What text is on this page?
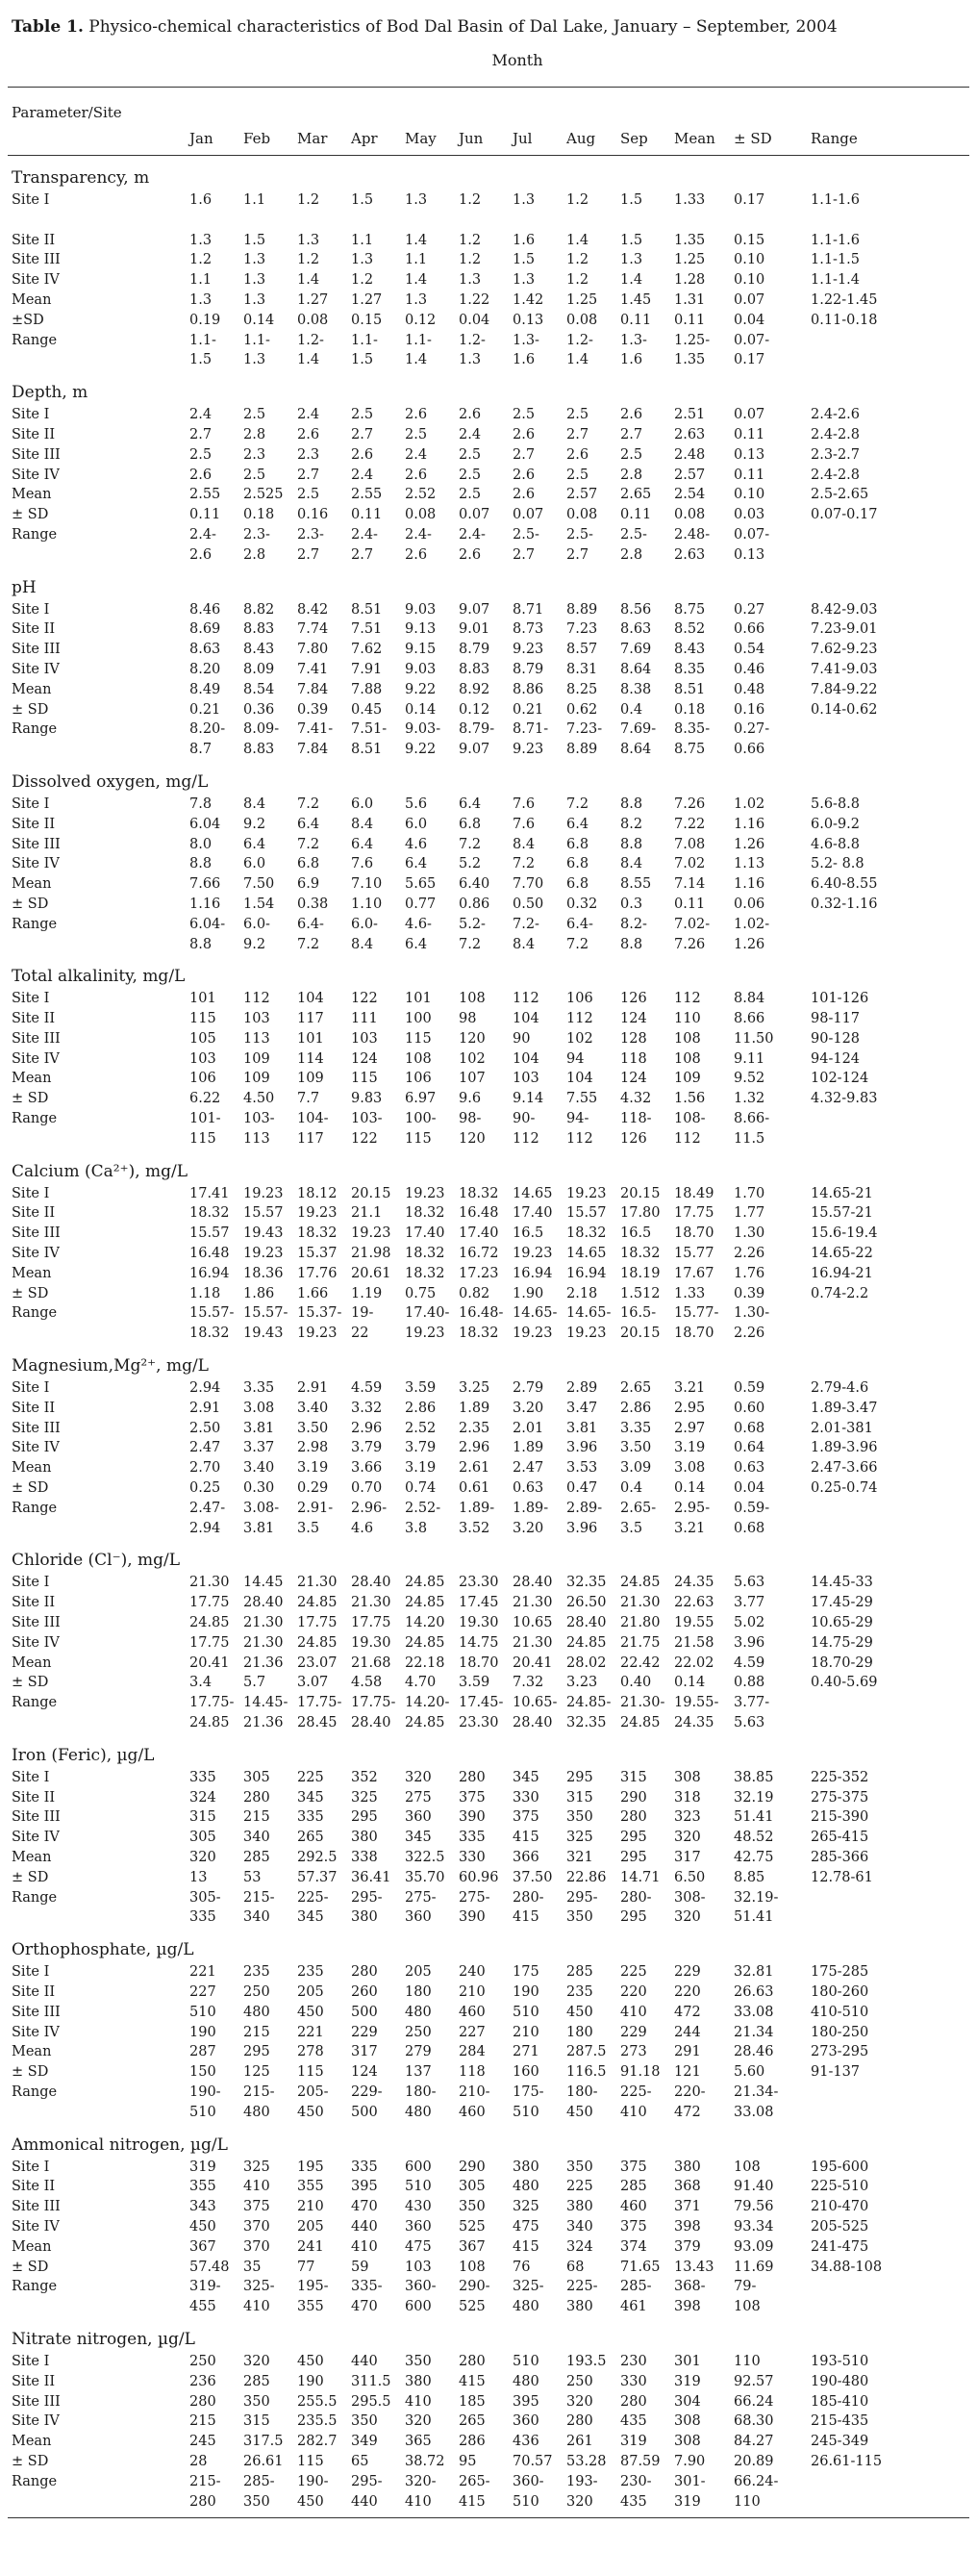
Table 1. Physico-chemical characteristics of Bod Dal Basin of Dal Lake, January – September, 2004
Month
Parameter/Site
Jan	Feb	Mar	Apr	May	Jun	Jul	Aug	Sep	Mean	± SD	Range
Transparency, m
Site I	1.6	1.1	1.2	1.5	1.3	1.2	1.3	1.2	1.5	1.33	0.17	1.1-1.6
Site II	1.3	1.5	1.3	1.1	1.4	1.2	1.6	1.4	1.5	1.35	0.15	1.1-1.6
Site III	1.2	1.3	1.2	1.3	1.1	1.2	1.5	1.2	1.3	1.25	0.10	1.1-1.5
Site IV	1.1	1.3	1.4	1.2	1.4	1.3	1.3	1.2	1.4	1.28	0.10	1.1-1.4
Mean	1.3	1.3	1.27	1.27	1.3	1.22	1.42	1.25	1.45	1.31	0.07	1.22-1.45
±SD	0.19	0.14	0.08	0.15	0.12	0.04	0.13	0.08	0.11	0.11	0.04	0.11-0.18
Range	1.1-	1.1-	1.2-	1.1-	1.1-	1.2-	1.3-	1.2-	1.3-	1.25-	0.07-
1.5	1.3	1.4	1.5	1.4	1.3	1.6	1.4	1.6	1.35	0.17
Depth, m
Site I	2.4	2.5	2.4	2.5	2.6	2.6	2.5	2.5	2.6	2.51	0.07	2.4-2.6
Site II	2.7	2.8	2.6	2.7	2.5	2.4	2.6	2.7	2.7	2.63	0.11	2.4-2.8
Site III	2.5	2.3	2.3	2.6	2.4	2.5	2.7	2.6	2.5	2.48	0.13	2.3-2.7
Site IV	2.6	2.5	2.7	2.4	2.6	2.5	2.6	2.5	2.8	2.57	0.11	2.4-2.8
Mean	2.55	2.525 2.5	2.55	2.52	2.5	2.6	2.57	2.65	2.54	0.10	2.5-2.65
± SD	0.11	0.18	0.16	0.11	0.08	0.07	0.07	0.08	0.11	0.08	0.03	0.07-0.17
Range	2.4-	2.3-	2.3-	2.4-	2.4-	2.4-	2.5-	2.5-	2.5-	2.48-	0.07-
2.6	2.8	2.7	2.7	2.6	2.6	2.7	2.7	2.8	2.63	0.13
pH
Site I	8.46	8.82	8.42	8.51	9.03	9.07	8.71	8.89	8.56	8.75	0.27	8.42-9.03
Site II	8.69	8.83	7.74	7.51	9.13	9.01	8.73	7.23	8.63	8.52	0.66	7.23-9.01
Site III	8.63	8.43	7.80	7.62	9.15	8.79	9.23	8.57	7.69	8.43	0.54	7.62-9.23
Site IV	8.20	8.09	7.41	7.91	9.03	8.83	8.79	8.31	8.64	8.35	0.46	7.41-9.03
Mean	8.49	8.54	7.84	7.88	9.22	8.92	8.86	8.25	8.38	8.51	0.48	7.84-9.22
± SD	0.21	0.36	0.39	0.45	0.14	0.12	0.21	0.62	0.4	0.18	0.16	0.14-0.62
Range	8.20-	8.09-	7.41-	7.51-	9.03-	8.79-	8.71-	7.23-	7.69-	8.35-	0.27-
8.7	8.83	7.84	8.51	9.22	9.07	9.23	8.89	8.64	8.75	0.66
Dissolved oxygen, mg/L
Site I	7.8	8.4	7.2	6.0	5.6	6.4	7.6	7.2	8.8	7.26	1.02	5.6-8.8
Site II	6.04	9.2	6.4	8.4	6.0	6.8	7.6	6.4	8.2	7.22	1.16	6.0-9.2
Site III	8.0	6.4	7.2	6.4	4.6	7.2	8.4	6.8	8.8	7.08	1.26	4.6-8.8
Site IV	8.8	6.0	6.8	7.6	6.4	5.2	7.2	6.8	8.4	7.02	1.13	5.2- 8.8
Mean	7.66	7.50	6.9	7.10	5.65	6.40	7.70	6.8	8.55	7.14	1.16	6.40-8.55
± SD	1.16	1.54	0.38	1.10	0.77	0.86	0.50	0.32	0.3	0.11	0.06	0.32-1.16
Range	6.04-	6.0-	6.4-	6.0-	4.6-	5.2-	7.2-	6.4-	8.2-	7.02-	1.02-
8.8	9.2	7.2	8.4	6.4	7.2	8.4	7.2	8.8	7.26	1.26
Total alkalinity, mg/L
Site I	101	112	104	122	101	108	112	106	126	112	8.84	101-126
Site II	115	103	117	111	100	98	104	112	124	110	8.66	98-117
Site III	105	113	101	103	115	120	90	102	128	108	11.50	90-128
Site IV	103	109	114	124	108	102	104	94	118	108	9.11	94-124
Mean	106	109	109	115	106	107	103	104	124	109	9.52	102-124
± SD	6.22	4.50	7.7	9.83	6.97	9.6	9.14	7.55	4.32	1.56	1.32	4.32-9.83
Range	101-	103-	104-	103-	100-	98-	90-	94-	118-	108-	8.66-
115	113	117	122	115	120	112	112	126	112	11.5
Calcium (Ca²⁺), mg/L
Site I	17.41 19.23 18.12 20.15 19.23 18.32 14.65 19.23 20.15 18.49	1.70	14.65-21
Site II	18.32 15.57 19.23 21.1	18.32 16.48 17.40 15.57 17.80 17.75	1.77	15.57-21
Site III	15.57 19.43 18.32 19.23 17.40 17.40 16.5	18.32 16.5	18.70	1.30	15.6-19.4
Site IV	16.48 19.23 15.37 21.98 18.32 16.72 19.23 14.65 18.32 15.77	2.26	14.65-22
Mean	16.94 18.36 17.76 20.61 18.32 17.23 16.94 16.94 18.19 17.67	1.76	16.94-21
± SD	1.18	1.86	1.66	1.19	0.75	0.82	1.90	2.18	1.512 1.33	0.39	0.74-2.2
Range	15.57- 15.57- 15.37- 19-	17.40- 16.48- 14.65- 14.65- 16.5-	15.77-	1.30-
18.32 19.43 19.23 22	19.23 18.32 19.23 19.23 20.15 18.70	2.26
Magnesium,Mg²⁺, mg/L
Site I	2.94	3.35	2.91	4.59	3.59	3.25	2.79	2.89	2.65	3.21	0.59	2.79-4.6
Site II	2.91	3.08	3.40	3.32	2.86	1.89	3.20	3.47	2.86	2.95	0.60	1.89-3.47
Site III	2.50	3.81	3.50	2.96	2.52	2.35	2.01	3.81	3.35	2.97	0.68	2.01-381
Site IV	2.47	3.37	2.98	3.79	3.79	2.96	1.89	3.96	3.50	3.19	0.64	1.89-3.96
Mean	2.70	3.40	3.19	3.66	3.19	2.61	2.47	3.53	3.09	3.08	0.63	2.47-3.66
± SD	0.25	0.30	0.29	0.70	0.74	0.61	0.63	0.47	0.4	0.14	0.04	0.25-0.74
Range	2.47-	3.08-	2.91-	2.96-	2.52-	1.89-	1.89-	2.89-	2.65-	2.95-	0.59-
2.94	3.81	3.5	4.6	3.8	3.52	3.20	3.96	3.5	3.21	0.68
Chloride (Cl⁻), mg/L
Site I	21.30 14.45 21.30 28.40 24.85 23.30 28.40 32.35 24.85 24.35	5.63	14.45-33
Site II	17.75 28.40 24.85 21.30 24.85 17.45 21.30 26.50 21.30 22.63	3.77	17.45-29
Site III	24.85 21.30 17.75 17.75 14.20 19.30 10.65 28.40 21.80 19.55	5.02	10.65-29
Site IV	17.75 21.30 24.85 19.30 24.85 14.75 21.30 24.85 21.75 21.58	3.96	14.75-29
Mean	20.41 21.36 23.07 21.68 22.18 18.70 20.41 28.02 22.42 22.02	4.59	18.70-29
± SD	3.4	5.7	3.07	4.58	4.70	3.59	7.32	3.23	0.40	0.14	0.88	0.40-5.69
Range	17.75- 14.45- 17.75- 17.75- 14.20- 17.45- 10.65- 24.85- 21.30- 19.55-	3.77-
24.85 21.36 28.45 28.40 24.85 23.30 28.40 32.35 24.85 24.35	5.63
Iron (Feric), µg/L
Site I	335	305	225	352	320	280	345	295	315	308	38.85	225-352
Site II	324	280	345	325	275	375	330	315	290	318	32.19	275-375
Site III	315	215	335	295	360	390	375	350	280	323	51.41	215-390
Site IV	305	340	265	380	345	335	415	325	295	320	48.52	265-415
Mean	320	285	292.5 338	322.5 330	366	321	295	317	42.75	285-366
± SD	13	53	57.37 36.41 35.70 60.96 37.50 22.86 14.71 6.50	8.85	12.78-61
Range	305-	215-	225-	295-	275-	275-	280-	295-	280-	308-	32.19-
335	340	345	380	360	390	415	350	295	320	51.41
Orthophosphate, µg/L
Site I	221	235	235	280	205	240	175	285	225	229	32.81	175-285
Site II	227	250	205	260	180	210	190	235	220	220	26.63	180-260
Site III	510	480	450	500	480	460	510	450	410	472	33.08	410-510
Site IV	190	215	221	229	250	227	210	180	229	244	21.34	180-250
Mean	287	295	278	317	279	284	271	287.5 273	291	28.46	273-295
± SD	150	125	115	124	137	118	160	116.5 91.18 121	5.60	91-137
Range	190-	215-	205-	229-	180-	210-	175-	180-	225-	220-	21.34-
510	480	450	500	480	460	510	450	410	472	33.08
Ammonical nitrogen, µg/L
Site I	319	325	195	335	600	290	380	350	375	380	108	195-600
Site II	355	410	355	395	510	305	480	225	285	368	91.40	225-510
Site III	343	375	210	470	430	350	325	380	460	371	79.56	210-470
Site IV	450	370	205	440	360	525	475	340	375	398	93.34	205-525
Mean	367	370	241	410	475	367	415	324	374	379	93.09	241-475
± SD	57.48 35	77	59	103	108	76	68	71.65 13.43	11.69	34.88-108
Range	319-	325-	195-	335-	360-	290-	325-	225-	285-	368-	79-
455	410	355	470	600	525	480	380	461	398	108
Nitrate nitrogen, µg/L
Site I	250	320	450	440	350	280	510	193.5 230	301	110	193-510
Site II	236	285	190	311.5 380	415	480	250	330	319	92.57	190-480
Site III	280	350	255.5 295.5 410	185	395	320	280	304	66.24	185-410
Site IV	215	315	235.5 350	320	265	360	280	435	308	68.30	215-435
Mean	245	317.5 282.7 349	365	286	436	261	319	308	84.27	245-349
± SD	28	26.61 115	65	38.72 95	70.57 53.28 87.59 7.90	20.89	26.61-115
Range	215-	285-	190-	295-	320-	265-	360-	193-	230-	301-	66.24-
280	350	450	440	410	415	510	320	435	319	110
